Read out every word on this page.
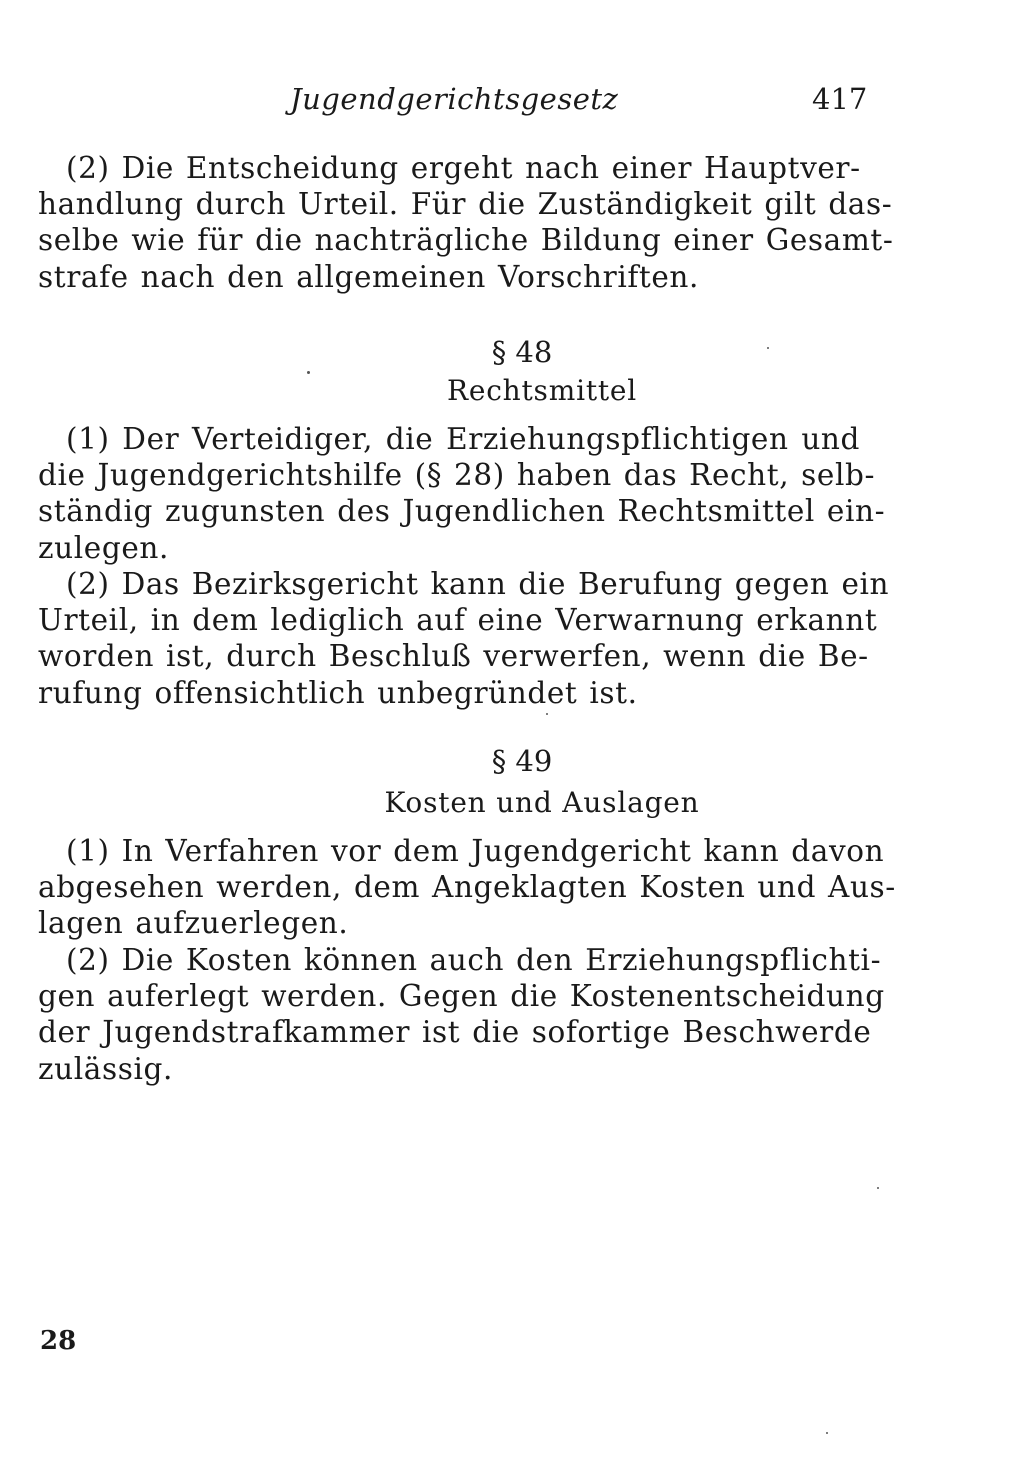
Jugendgerichtsgesetz	417
(2) Die Entscheidung ergeht nach einer Hauptver-
handlung durch Urteil. Für die Zuständigkeit gilt das-
selbe wie für die nachträgliche Bildung einer Gesamt-
strafe nach den allgemeinen Vorschriften.
§ 48
Rechtsmittel
(1) Der Verteidiger, die Erziehungspflichtigen und
die Jugendgerichtshilfe (§ 28) haben das Recht, selb-
ständig zugunsten des Jugendlichen Rechtsmittel ein-
zulegen.
(2) Das Bezirksgericht kann die Berufung gegen ein
Urteil, in dem lediglich auf eine Verwarnung erkannt
worden ist, durch Beschluß verwerfen, wenn die Be-
rufung offensichtlich unbegründet ist.
§ 49
Kosten und Auslagen
(1) In Verfahren vor dem Jugendgericht kann davon
abgesehen werden, dem Angeklagten Kosten und Aus-
lagen aufzuerlegen.
(2) Die Kosten können auch den Erziehungspflichti-
gen auferlegt werden. Gegen die Kostenentscheidung
der Jugendstrafkammer ist die sofortige Beschwerde
zulässig.
28
